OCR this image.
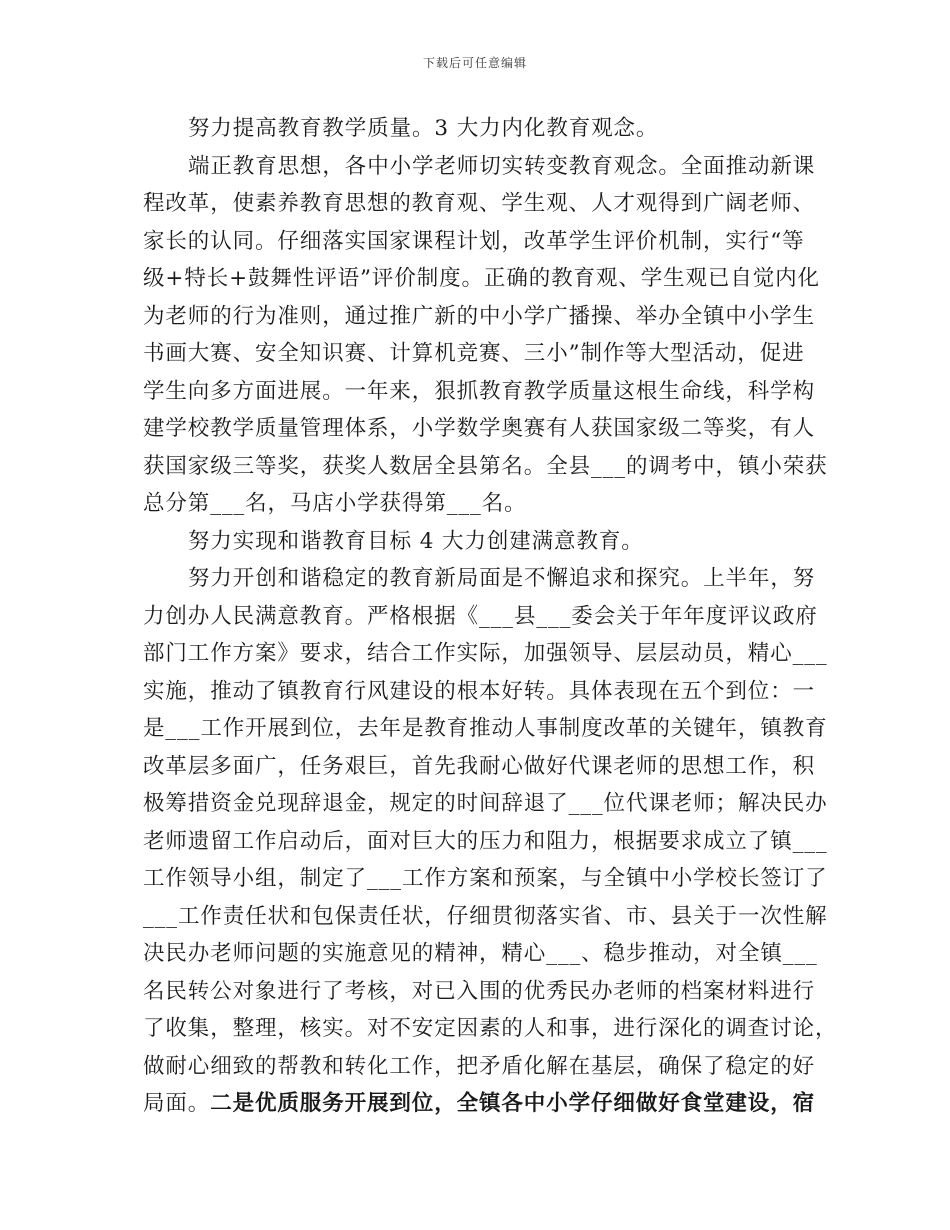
下载后可任意编辑
努力提高教育教学质量。3 大力内化教育观念。
端正教育思想，各中小学老师切实转变教育观念。全面推动新课
程改革，使素养教育思想的教育观、学生观、人才观得到广阔老师、
家长的认同。仔细落实国家课程计划，改革学生评价机制，实行“等
级+特长+鼓舞性评语”评价制度。正确的教育观、学生观已自觉内化
为老师的行为准则，通过推广新的中小学广播操、举办全镇中小学生
书画大赛、安全知识赛、计算机竞赛、三小”制作等大型活动，促进
学生向多方面进展。一年来，狠抓教育教学质量这根生命线，科学构
建学校教学质量管理体系，小学数学奥赛有人获国家级二等奖，有人
获国家级三等奖，获奖人数居全县第名。全县___的调考中，镇小荣获
总分第___名，马店小学获得第___名。
努力实现和谐教育目标 4 大力创建满意教育。
努力开创和谐稳定的教育新局面是不懈追求和探究。上半年，努
力创办人民满意教育。严格根据《___县___委会关于年年度评议政府
部门工作方案》要求，结合工作实际，加强领导、层层动员，精心___
实施，推动了镇教育行风建设的根本好转。具体表现在五个到位：一
是___工作开展到位，去年是教育推动人事制度改革的关键年，镇教育
改革层多面广，任务艰巨，首先我耐心做好代课老师的思想工作，积
极筹措资金兑现辞退金，规定的时间辞退了___位代课老师；解决民办
老师遗留工作启动后，面对巨大的压力和阻力，根据要求成立了镇___
工作领导小组，制定了___工作方案和预案，与全镇中小学校长签订了
___工作责任状和包保责任状，仔细贯彻落实省、市、县关于一次性解
决民办老师问题的实施意见的精神，精心___、稳步推动，对全镇___
名民转公对象进行了考核，对已入围的优秀民办老师的档案材料进行
了收集，整理，核实。对不安定因素的人和事，进行深化的调查讨论，
做耐心细致的帮教和转化工作，把矛盾化解在基层，确保了稳定的好
局面。二是优质服务开展到位，全镇各中小学仔细做好食堂建设，宿
